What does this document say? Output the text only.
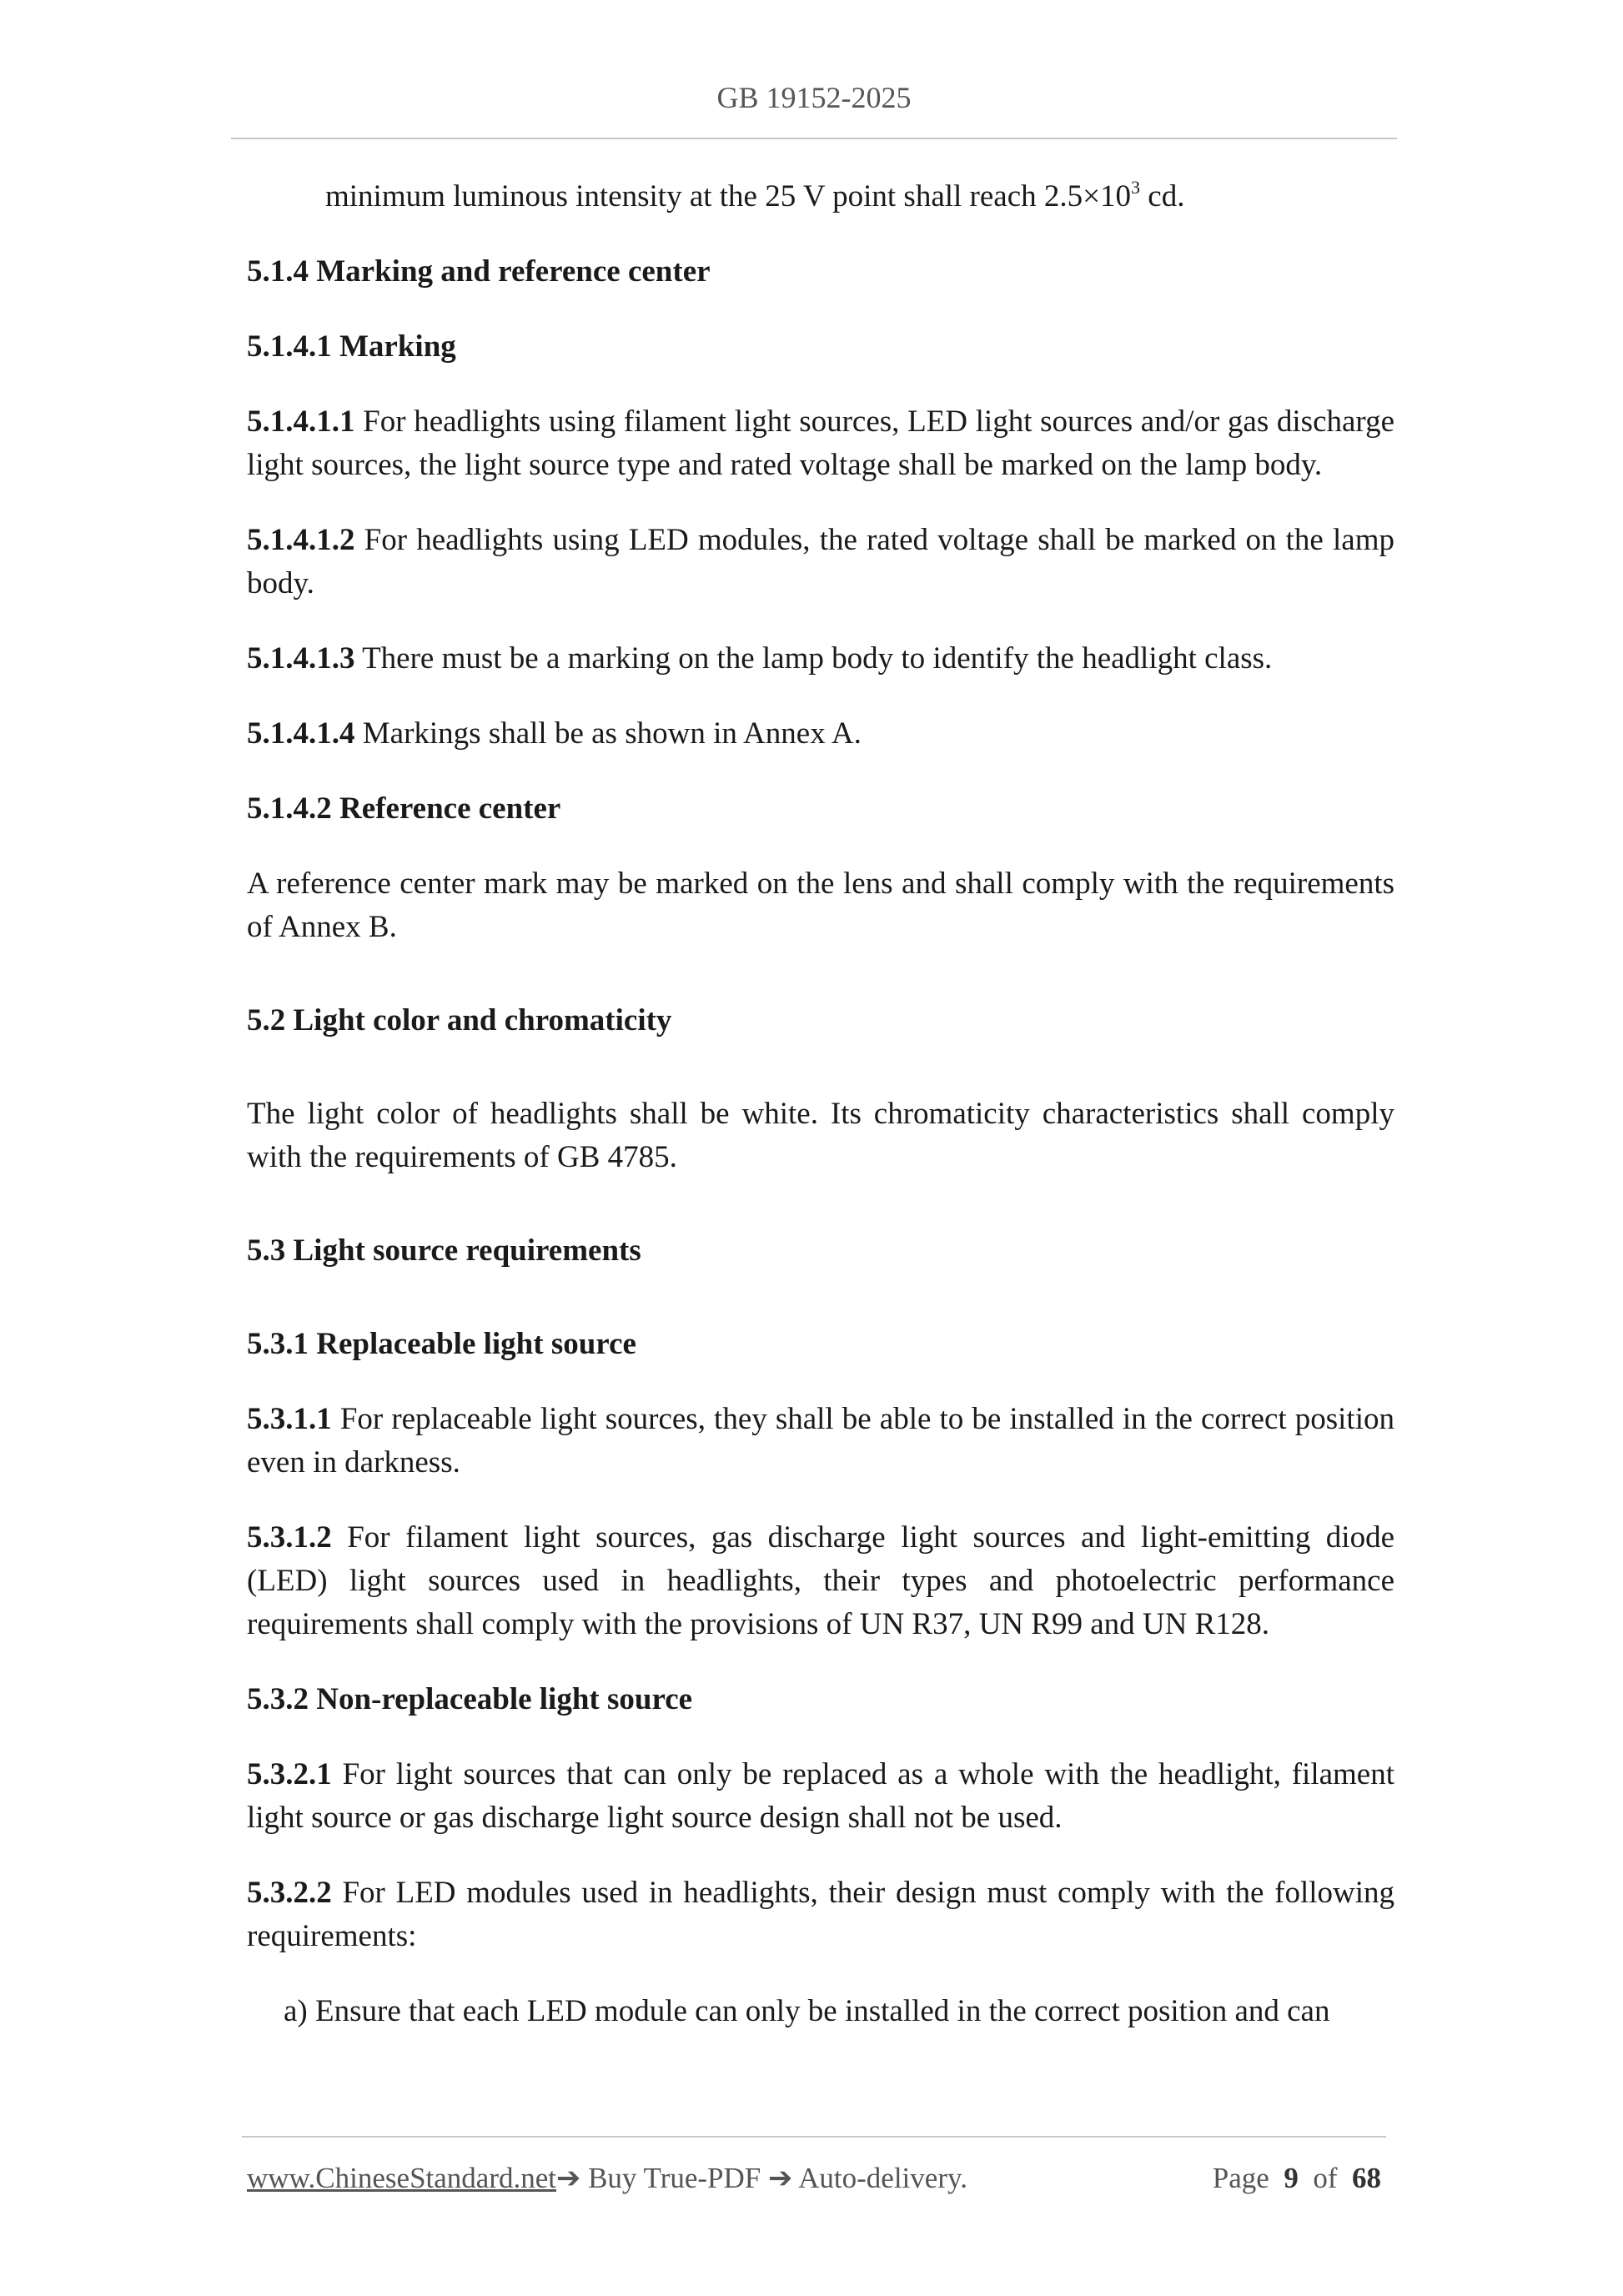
GB 19152-2025

minimum luminous intensity at the 25 V point shall reach $2.5\times 10^3$ cd.

5.1.4 Marking and reference center

5.1.4.1 Marking

5.1.4.1.1 For headlights using filament light sources, LED light sources and/or gas discharge light sources, the light source type and rated voltage shall be marked on the lamp body.

5.1.4.1.2 For headlights using LED modules, the rated voltage shall be marked on the lamp body.

5.1.4.1.3 There must be a marking on the lamp body to identify the headlight class.

5.1.4.1.4 Markings shall be as shown in Annex A.

5.1.4.2 Reference center

A reference center mark may be marked on the lens and shall comply with the requirements of Annex B.

5.2 Light color and chromaticity

The light color of headlights shall be white. Its chromaticity characteristics shall comply with the requirements of GB 4785.

5.3 Light source requirements

5.3.1 Replaceable light source

5.3.1.1 For replaceable light sources, they shall be able to be installed in the correct position even in darkness.

5.3.1.2 For filament light sources, gas discharge light sources and light-emitting diode (LED) light sources used in headlights, their types and photoelectric performance requirements shall comply with the provisions of UN R37, UN R99 and UN R128.

5.3.2 Non-replaceable light source

5.3.2.1 For light sources that can only be replaced as a whole with the headlight, filament light source or gas discharge light source design shall not be used.

5.3.2.2 For LED modules used in headlights, their design must comply with the following requirements:

a) Ensure that each LED module can only be installed in the correct position and can

www.ChineseStandard.net➔ Buy True-PDF ➔ Auto-delivery.	Page 9 of 68
